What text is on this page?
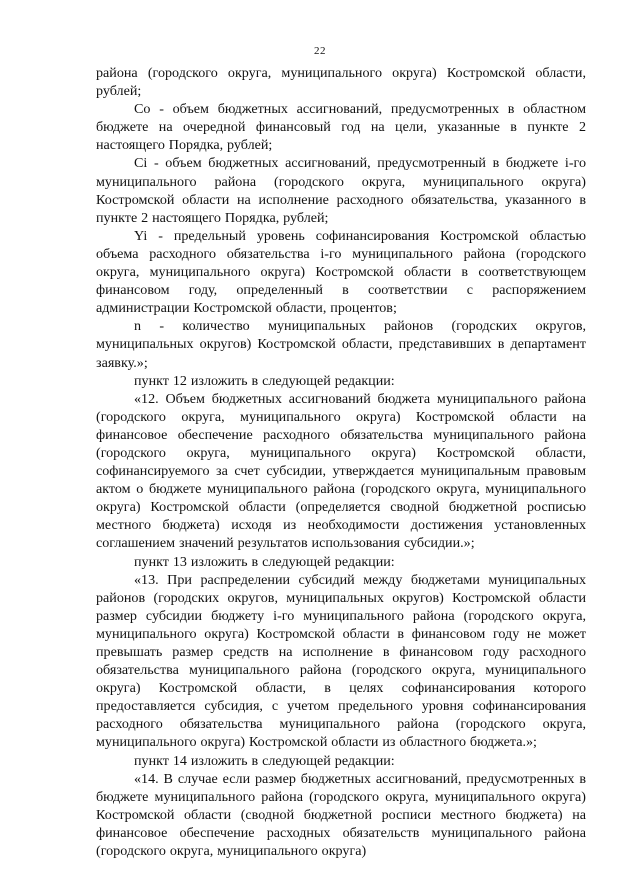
22

района (городского округа, муниципального округа) Костромской области, рублей;

Co - объем бюджетных ассигнований, предусмотренных в областном бюджете на очередной финансовый год на цели, указанные в пункте 2 настоящего Порядка, рублей;

Ci - объем бюджетных ассигнований, предусмотренный в бюджете i-го муниципального района (городского округа, муниципального округа) Костромской области на исполнение расходного обязательства, указанного в пункте 2 настоящего Порядка, рублей;

Yi - предельный уровень софинансирования Костромской областью объема расходного обязательства i-го муниципального района (городского округа, муниципального округа) Костромской области в соответствующем финансовом году, определенный в соответствии с распоряжением администрации Костромской области, процентов;

n - количество муниципальных районов (городских округов, муниципальных округов) Костромской области, представивших в департамент заявку.»;

пункт 12 изложить в следующей редакции:

«12. Объем бюджетных ассигнований бюджета муниципального района (городского округа, муниципального округа) Костромской области на финансовое обеспечение расходного обязательства муниципального района (городского округа, муниципального округа) Костромской области, софинансируемого за счет субсидии, утверждается муниципальным правовым актом о бюджете муниципального района (городского округа, муниципального округа) Костромской области (определяется сводной бюджетной росписью местного бюджета) исходя из необходимости достижения установленных соглашением значений результатов использования субсидии.»;

пункт 13 изложить в следующей редакции:

«13. При распределении субсидий между бюджетами муниципальных районов (городских округов, муниципальных округов) Костромской области размер субсидии бюджету i-го муниципального района (городского округа, муниципального округа) Костромской области в финансовом году не может превышать размер средств на исполнение в финансовом году расходного обязательства муниципального района (городского округа, муниципального округа) Костромской области, в целях софинансирования которого предоставляется субсидия, с учетом предельного уровня софинансирования расходного обязательства муниципального района (городского округа, муниципального округа) Костромской области из областного бюджета.»;

пункт 14 изложить в следующей редакции:

«14. В случае если размер бюджетных ассигнований, предусмотренных в бюджете муниципального района (городского округа, муниципального округа) Костромской области (сводной бюджетной росписи местного бюджета) на финансовое обеспечение расходных обязательств муниципального района (городского округа, муниципального округа)
